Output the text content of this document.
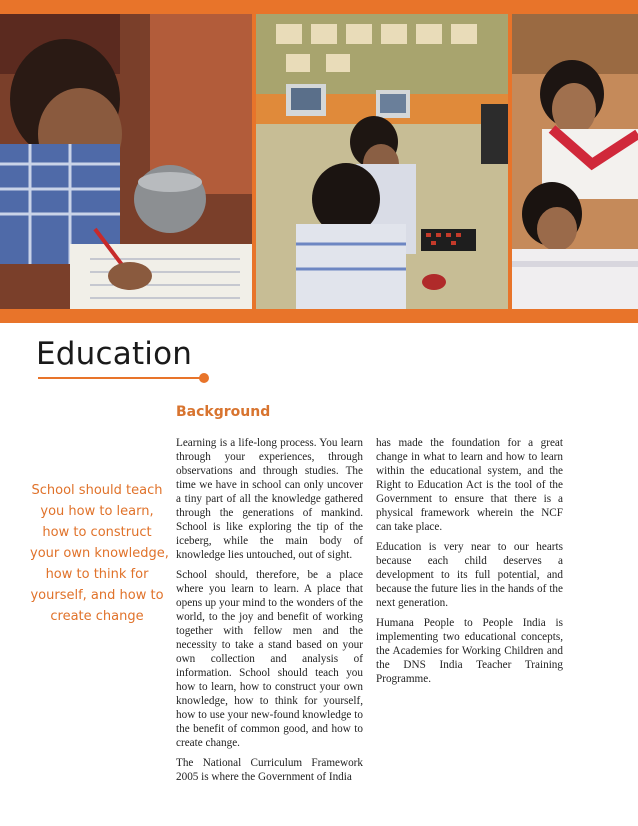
Education
School should teach
you how to learn,
how to construct
your own knowledge,
how to think for
yourself, and how to
create change
Background

Learning is a life-long process. You learn through your experiences, through observations and through studies. The time we have in school can only uncover a tiny part of all the knowledge gathered through the generations of mankind. School is like exploring the tip of the iceberg, while the main body of knowledge lies untouched, out of sight.

School should, therefore, be a place where you learn to learn. A place that opens up your mind to the wonders of the world, to the joy and benefit of working together with fellow men and the necessity to take a stand based on your own collection and analysis of information. School should teach you how to learn, how to construct your own knowledge, how to think for yourself, how to use your new-found knowledge to the benefit of common good, and how to create change.

The National Curriculum Framework 2005 is where the Government of India

has made the foundation for a great change in what to learn and how to learn within the educational system, and the Right to Education Act is the tool of the Government to ensure that there is a physical framework wherein the NCF can take place.

Education is very near to our hearts because each child deserves a development to its full potential, and because the future lies in the hands of the next generation.

Humana People to People India is implementing two educational concepts, the Academies for Working Children and the DNS India Teacher Training Programme.
